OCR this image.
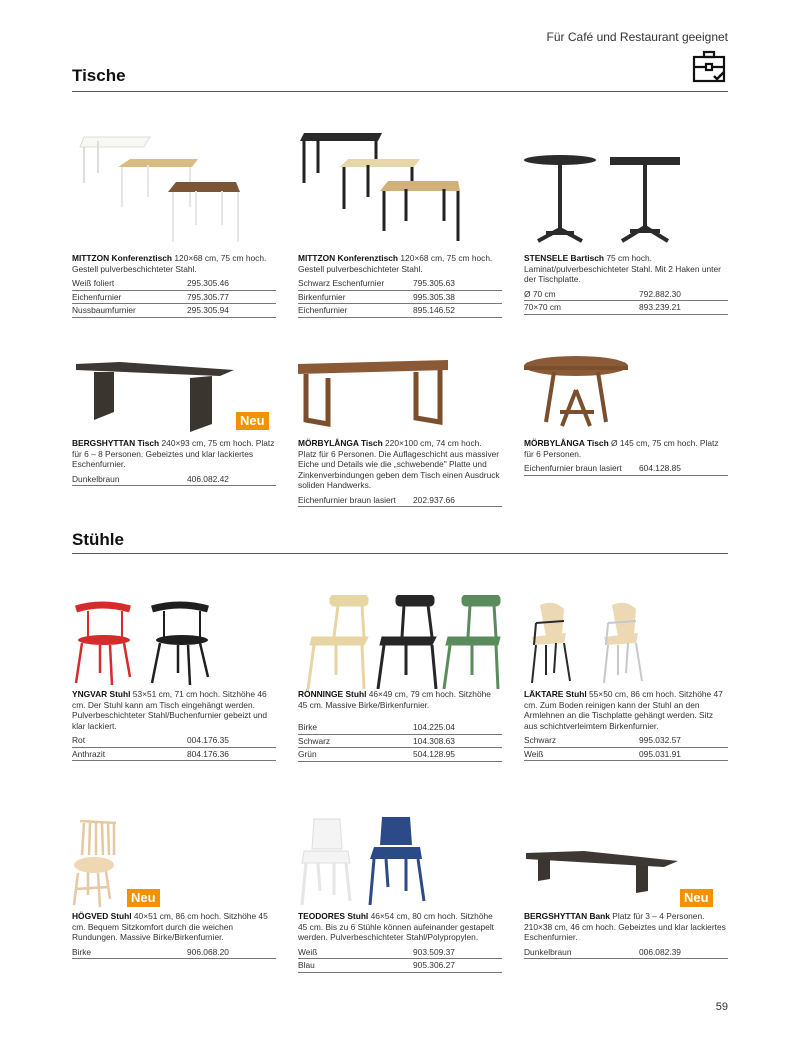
Für Café und Restaurant geeignet
Tische
MITTZON Konferenztisch 120×68 cm, 75 cm hoch. Gestell pulverbeschichteter Stahl.
Weiß foliert	295.305.46
Eichenfurnier	795.305.77
Nussbaumfurnier	295.305.94
MITTZON Konferenztisch 120×68 cm, 75 cm hoch. Gestell pulverbeschichteter Stahl.
Schwarz Eschenfurnier	795.305.63
Birkenfurnier	995.305.38
Eichenfurnier	895.146.52
STENSELE Bartisch 75 cm hoch. Laminat/pulverbeschichteter Stahl. Mit 2 Haken unter der Tischplatte.
Ø 70 cm	792.882.30
70×70 cm	893.239.21
Neu
BERGSHYTTAN Tisch 240×93 cm, 75 cm hoch. Platz für 6 – 8 Personen. Gebeiztes und klar lackiertes Eschenfurnier.
Dunkelbraun	406.082.42
MÖRBYLÅNGA Tisch 220×100 cm, 74 cm hoch. Platz für 6 Personen. Die Auflageschicht aus massiver Eiche und Details wie die „schwebende" Platte und Zinkenverbindungen geben dem Tisch einen Ausdruck soliden Handwerks.
Eichenfurnier braun lasiert	202.937.66
MÖRBYLÅNGA Tisch Ø 145 cm, 75 cm hoch. Platz für 6 Personen.
Eichenfurnier braun lasiert	604.128.85
Stühle
YNGVAR Stuhl 53×51 cm, 71 cm hoch. Sitzhöhe 46 cm. Der Stuhl kann am Tisch eingehängt werden. Pulverbeschichteter Stahl/Buchenfurnier gebeizt und klar lackiert.
Rot	004.176.35
Anthrazit	804.176.36
RÖNNINGE Stuhl 46×49 cm, 79 cm hoch. Sitzhöhe 45 cm. Massive Birke/Birkenfurnier.
Birke	104.225.04
Schwarz	104.308.63
Grün	504.128.95
LÄKTARE Stuhl 55×50 cm, 86 cm hoch. Sitzhöhe 47 cm. Zum Boden reinigen kann der Stuhl an den Armlehnen an die Tischplatte gehängt werden. Sitz aus schichtverleimtem Birkenfurnier.
Schwarz	995.032.57
Weiß	095.031.91
Neu
HÖGVED Stuhl 40×51 cm, 86 cm hoch. Sitzhöhe 45 cm. Bequem Sitzkomfort durch die weichen Rundungen. Massive Birke/Birkenfurnier.
Birke	906.068.20
TEODORES Stuhl 46×54 cm, 80 cm hoch. Sitzhöhe 45 cm. Bis zu 6 Stühle können aufeinander gestapelt werden. Pulverbeschichteter Stahl/Polypropylen.
Weiß	903.509.37
Blau	905.306.27
Neu
BERGSHYTTAN Bank Platz für 3 – 4 Personen. 210×38 cm, 46 cm hoch. Gebeiztes und klar lackiertes Eschenfurnier.
Dunkelbraun	006.082.39
59
